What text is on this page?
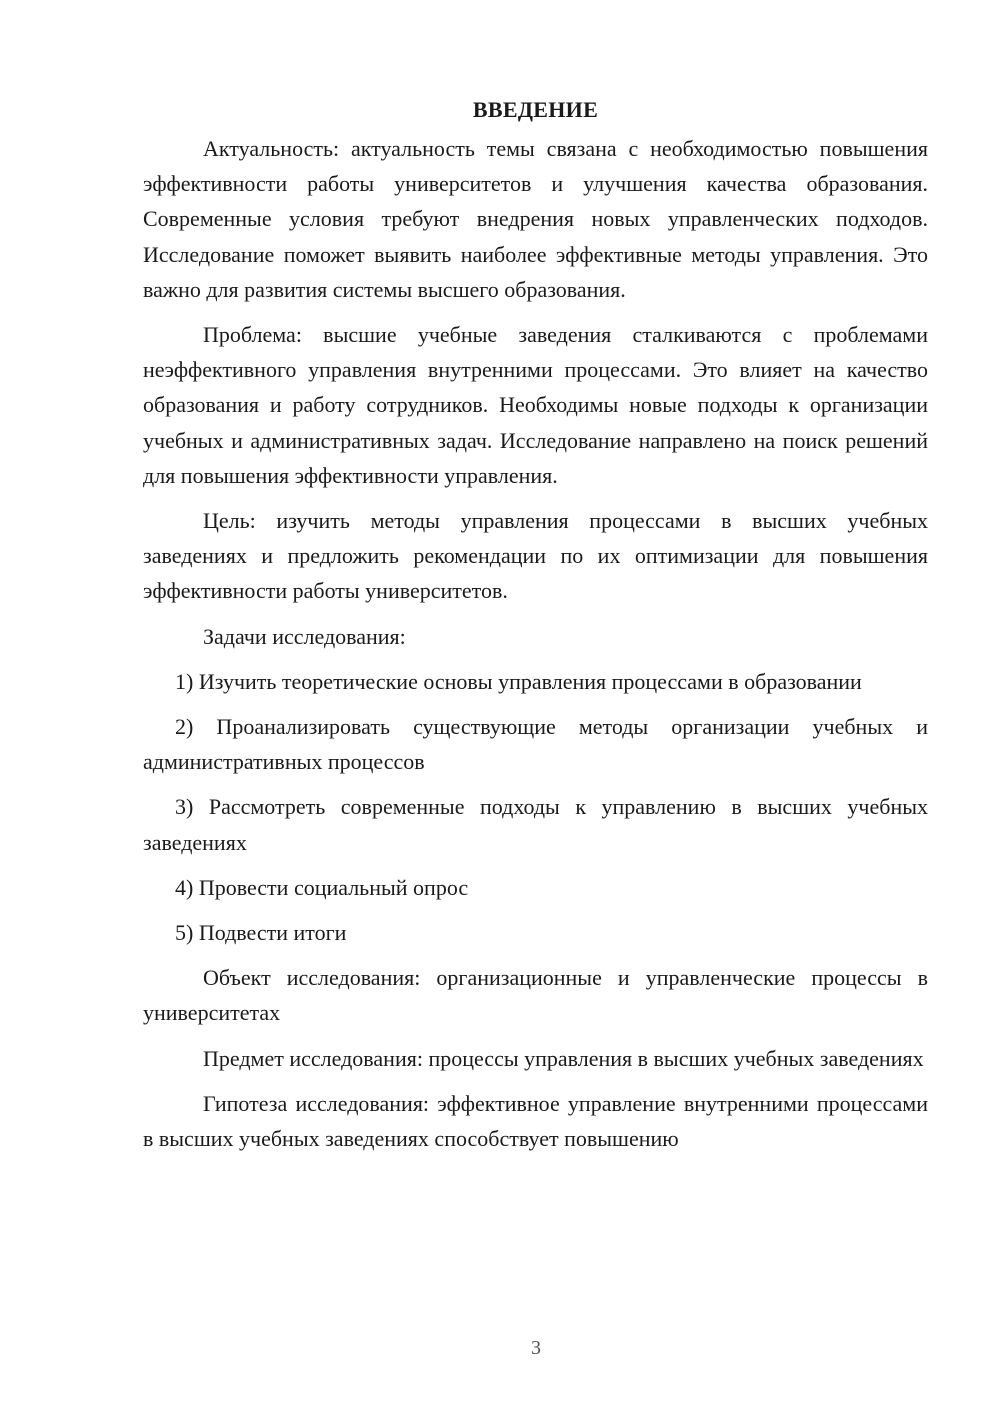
ВВЕДЕНИЕ

Актуальность: актуальность темы связана с необходимостью повышения эффективности работы университетов и улучшения качества образования. Современные условия требуют внедрения новых управленческих подходов. Исследование поможет выявить наиболее эффективные методы управления. Это важно для развития системы высшего образования.

Проблема: высшие учебные заведения сталкиваются с проблемами неэффективного управления внутренними процессами. Это влияет на качество образования и работу сотрудников. Необходимы новые подходы к организации учебных и административных задач. Исследование направлено на поиск решений для повышения эффективности управления.

Цель: изучить методы управления процессами в высших учебных заведениях и предложить рекомендации по их оптимизации для повышения эффективности работы университетов.

Задачи исследования:

1) Изучить теоретические основы управления процессами в образовании

2) Проанализировать существующие методы организации учебных и административных процессов

3) Рассмотреть современные подходы к управлению в высших учебных заведениях

4) Провести социальный опрос

5) Подвести итоги

Объект исследования: организационные и управленческие процессы в университетах

Предмет исследования: процессы управления в высших учебных заведениях

Гипотеза исследования: эффективное управление внутренними процессами в высших учебных заведениях способствует повышению

3
